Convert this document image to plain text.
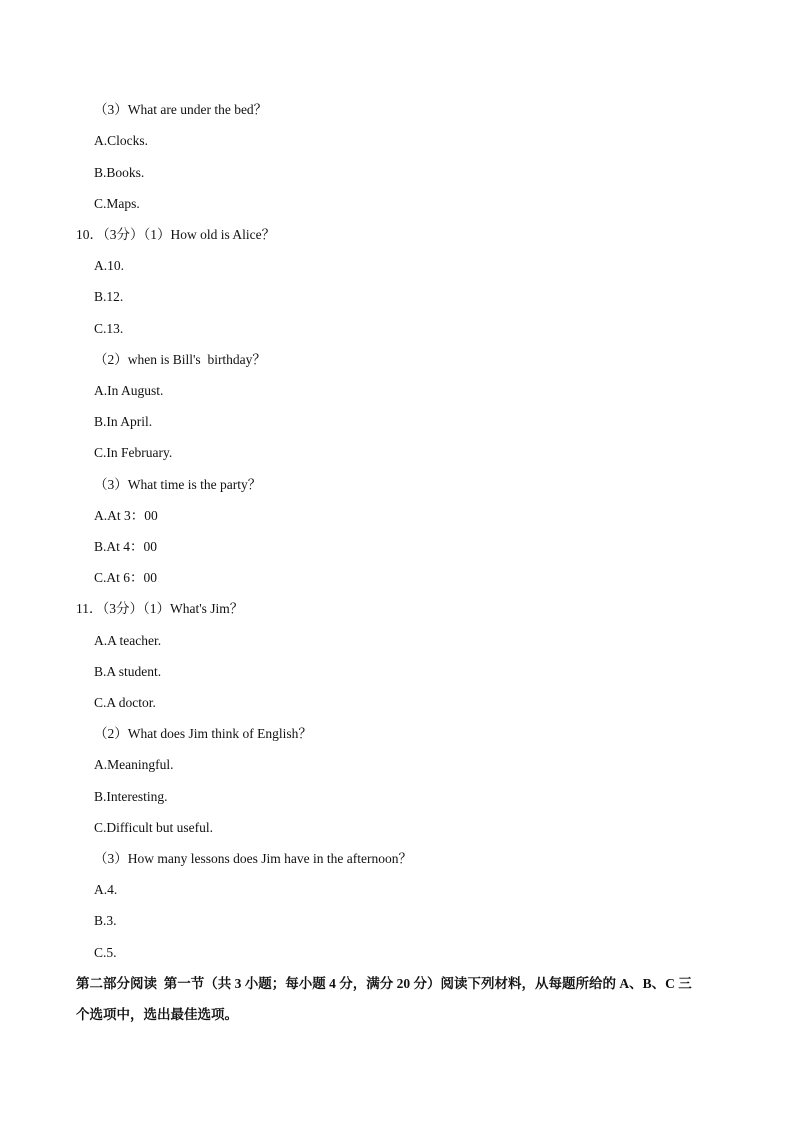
（3）What are under the bed？
A.Clocks.
B.Books.
C.Maps.
10．（3分）（1）How old is Alice？
A.10.
B.12.
C.13.
（2）when is Bill's  birthday？
A.In August.
B.In April.
C.In February.
（3）What time is the party？
A.At 3：00
B.At 4：00
C.At 6：00
11．（3分）（1）What's Jim？
A.A teacher.
B.A student.
C.A doctor.
（2）What does Jim think of English？
A.Meaningful.
B.Interesting.
C.Difficult but useful.
（3）How many lessons does Jim have in the afternoon？
A.4.
B.3.
C.5.
第二部分阅读  第一节（共 3 小题；每小题 4 分，满分 20 分）阅读下列材料，从每题所给的 A、B、C 三
个选项中，选出最佳选项。
